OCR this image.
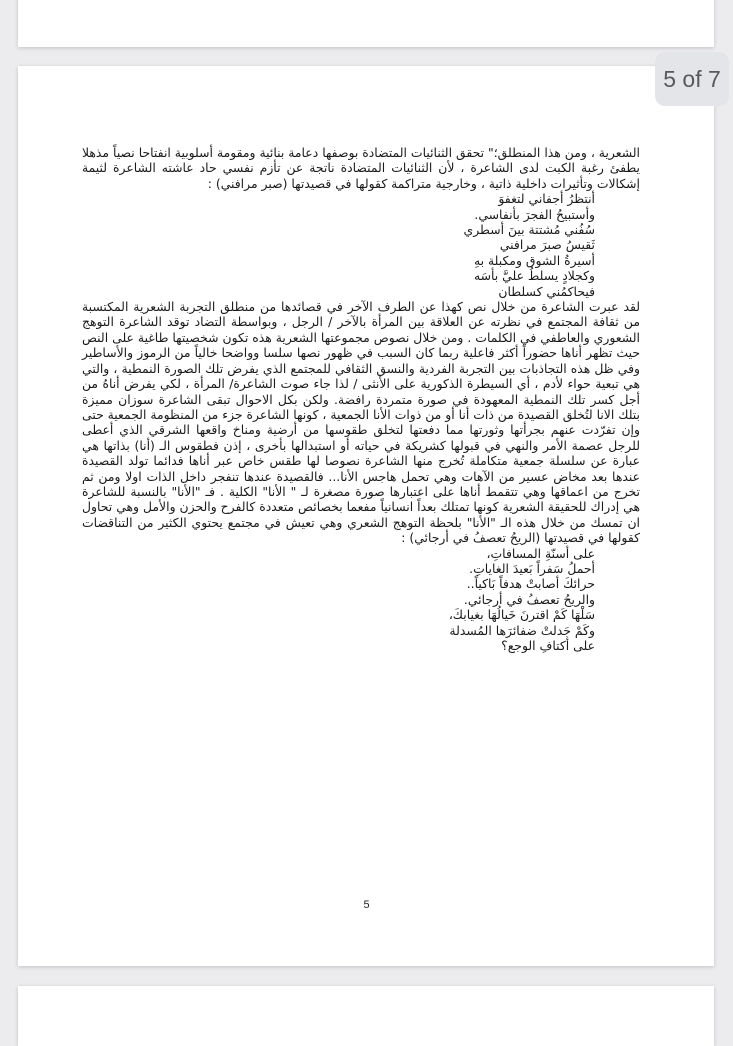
5 of 7

الشعرية ، ومن هذا المنطلق؛" تحقق الثنائيات المتضادة بوصفها دعامة بنائية ومقومة أسلوبية انفتاحا نصياً مذهلا يطفئ رغبة الكبت لدى الشاعرة ، لأن الثنائيات المتضادة ناتجة عن تأزم نفسي حاد عاشته الشاعرة لثيمة إشكالات وتأثيرات داخلية ذاتية ، وخارجية متراكمة كقولها في قصيدتها (صبر مرافني) :

أنتظرُ أجفاني لتغفوَ
وأستبيحُ الفجرَ بأنفاسي.
سُفُني مُشتتة بينَ أسطري
ثَقيسُ صبرَ مرافني
أسيرةُ الشوق ومكبلة بهِ
وكجلادٍ يسلطُ عليَّ بأسَه
فيحاكمُني كسلطان

لقد عبرت الشاعرة من خلال نص كهذا عن الطرف الآخر في قصائدها من منطلق التجربة الشعرية المكتسبة من ثقافة المجتمع في نظرته عن العلاقة بين المرأة بالآخر / الرجل ، وبواسطة التضاد توقد الشاعرة التوهج الشعوري والعاطفي في الكلمات . ومن خلال نصوص مجموعتها الشعرية هذه تكون شخصيتها طاغية على النص حيث تظهر أناها حضوراً أكثر فاعلية ربما كان السبب في ظهور نصها سلسا وواضحا خالياً من الرموز والأساطير وفي ظل هذه التجاذبات بين التجربة الفردية والنسق الثقافي للمجتمع الذي يفرض تلك الصورة النمطية ، والتي هي تبعية حواء لأدم ، أي السيطرة الذكورية على الأنثى / لذا جاء صوت الشاعرة/ المرأة ، لكي يفرض أناهُ من أجل كسر تلك النمطية المعهودة في صورة متمردة رافضة. ولكن بكل الاحوال تبقى الشاعرة سوزان مميزة بتلك الانا لتُخلق القصيدة من ذات أنا أو من ذوات الأنا الجمعية ، كونها الشاعرة جزء من المنظومة الجمعية حتى وإن تفرّدت عنهم بجرأتها وثورتها مما دفعتها لتخلق طقوسها من أرضية ومناخ واقعها الشرقي الذي أعطى للرجل عصمة الأمر والنهي في قبولها كشريكة في حياته أو استبدالها بأخرى ، إذن فطقوس الـ (أنا) بذاتها هي عبارة عن سلسلة جمعية متكاملة تُخرج منها الشاعرة نصوصا لها طقس خاص عبر أناها فدائما تولد القصيدة عندها بعد مخاض عسير من الآهات وهي تحمل هاجس الأنا... فالقصيدة عندها تنفجر داخل الذات اولا ومن ثم تخرج من اعماقها وهي تتقمط أناها على اعتبارها صورة مصغرة لـ " الأنا" الكلية . فـ "الأنا" بالنسبة للشاعرة هي إدراك للحقيقة الشعرية كونها تمتلك بعداً انسانياً مفعما بخصائص متعددة كالفرح والحزن والأمل وهي تحاول ان تمسك من خلال هذه الـ "الأنا" بلحظة التوهج الشعري وهي تعيش في مجتمع يحتوي الكثير من التناقضات كقولها في قصيدتها (الريحُ تعصفُ في أرجائي) :

على أسنّةِ المسافاتِ،
أحملُ سَفراً بَعيدَ الغاياتِ.
حرائكَ أصابتْ هدفاً بَاكياً..
والريحُ تعصفُ في أرجائي.
سَلْهَا كَمْ اقترنَ خَيالُهَا بغيابكَ،
وكَمْ جَدلتْ ضفائرَها المُسدلة
على أكتافِ الوجع؟
5
